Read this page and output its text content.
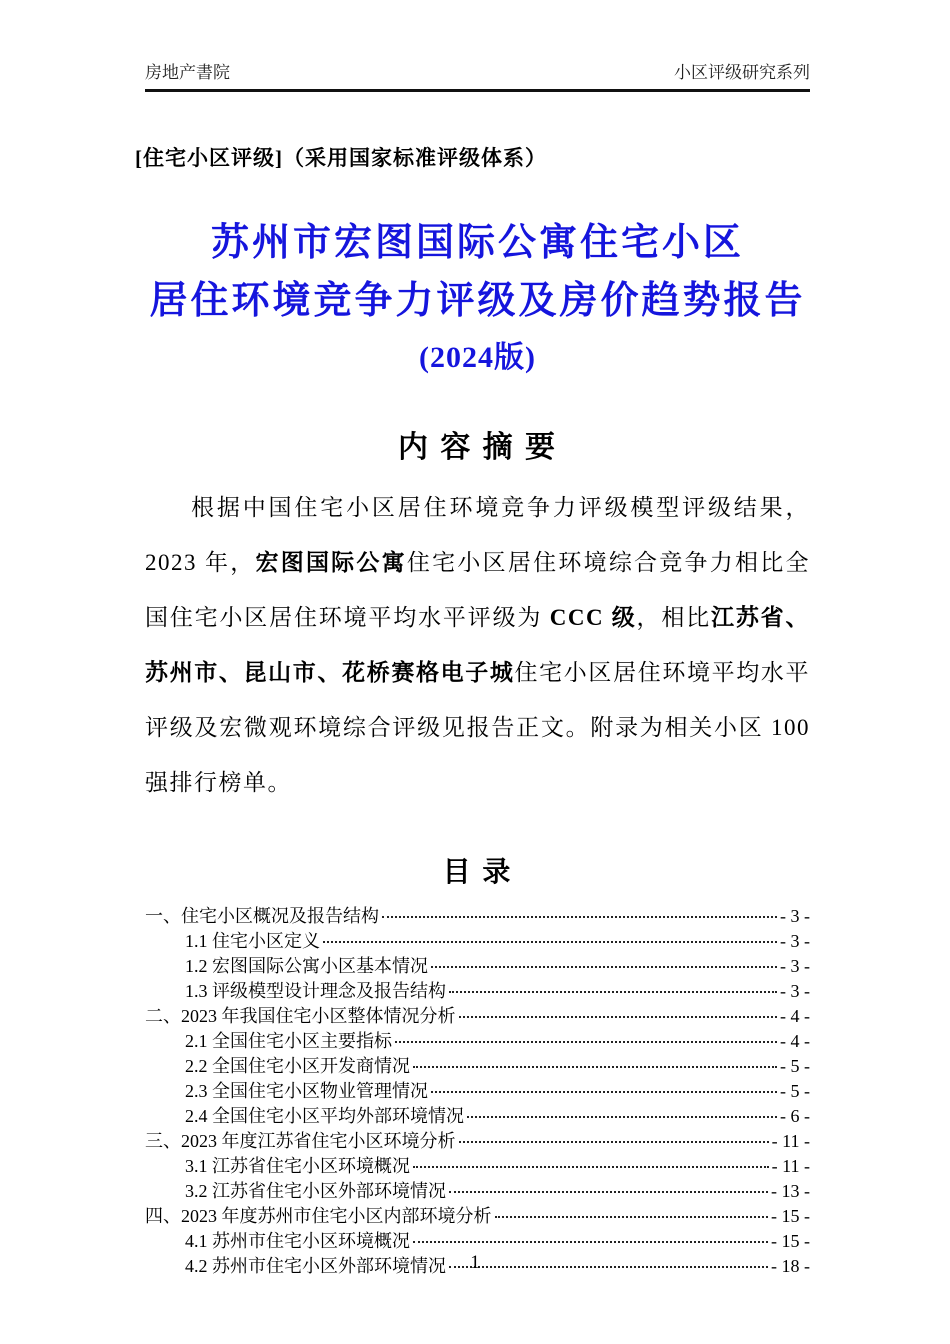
房地产書院	小区评级研究系列
[住宅小区评级]（采用国家标准评级体系）
苏州市宏图国际公寓住宅小区
居住环境竞争力评级及房价趋势报告
(2024版)
内 容 摘 要
根据中国住宅小区居住环境竞争力评级模型评级结果，2023 年，宏图国际公寓住宅小区居住环境综合竞争力相比全国住宅小区居住环境平均水平评级为 CCC 级，相比江苏省、苏州市、昆山市、花桥赛格电子城住宅小区居住环境平均水平评级及宏微观环境综合评级见报告正文。附录为相关小区 100 强排行榜单。
目 录
一、住宅小区概况及报告结构	- 3 -
1.1 住宅小区定义	- 3 -
1.2 宏图国际公寓小区基本情况	- 3 -
1.3 评级模型设计理念及报告结构	- 3 -
二、2023 年我国住宅小区整体情况分析	- 4 -
2.1 全国住宅小区主要指标	- 4 -
2.2 全国住宅小区开发商情况	- 5 -
2.3 全国住宅小区物业管理情况	- 5 -
2.4 全国住宅小区平均外部环境情况	- 6 -
三、2023 年度江苏省住宅小区环境分析	- 11 -
3.1 江苏省住宅小区环境概况	- 11 -
3.2 江苏省住宅小区外部环境情况	- 13 -
四、2023 年度苏州市住宅小区内部环境分析	- 15 -
4.1 苏州市住宅小区环境概况	- 15 -
4.2 苏州市住宅小区外部环境情况	- 18 -
1
